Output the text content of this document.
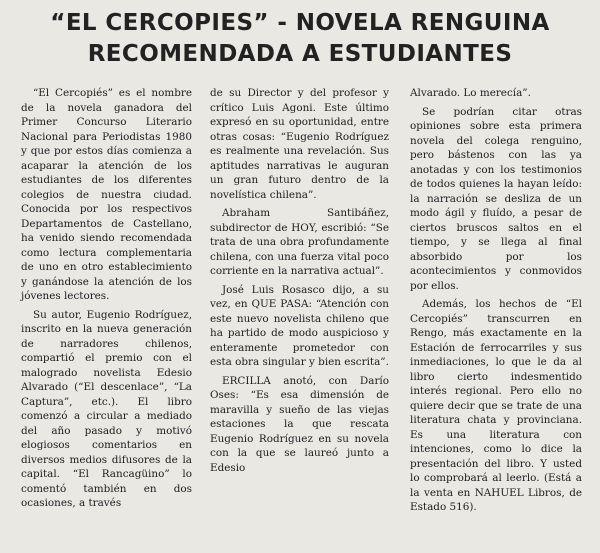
“EL CERCOPIES” - NOVELA RENGUINA
RECOMENDADA A ESTUDIANTES

“El Cercopiés” es el nombre de la novela ganadora del Primer Concurso Literario Nacional para Periodistas 1980 y que por estos días comienza a acaparar la atención de los estudiantes de los diferentes colegios de nuestra ciudad. Conocida por los respectivos Departamentos de Castellano, ha venido siendo recomendada como lectura complementaria de uno en otro establecimiento y ganándose la atención de los jóvenes lectores.

Su autor, Eugenio Rodríguez, inscrito en la nueva generación de narradores chilenos, compartió el premio con el malogrado novelista Edesio Alvarado (“El descenlace”, “La Captura”, etc.). El libro comenzó a circular a mediado del año pasado y motivó elogiosos comentarios en diversos medios difusores de la capital. “El Rancagüino” lo comentó también en dos ocasiones, a través

de su Director y del profesor y crítico Luis Agoni. Este último expresó en su oportunidad, entre otras cosas: “Eugenio Rodríguez es realmente una revelación. Sus aptitudes narrativas le auguran un gran futuro dentro de la novelística chilena”.

Abraham Santibáñez, subdirector de HOY, escribió: “Se trata de una obra profundamente chilena, con una fuerza vital poco corriente en la narrativa actual”.

José Luis Rosasco dijo, a su vez, en QUE PASA: “Atención con este nuevo novelista chileno que ha partido de modo auspicioso y enteramente prometedor con esta obra singular y bien escrita”.

ERCILLA anotó, con Darío Oses: “Es esa dimensión de maravilla y sueño de las viejas estaciones la que rescata Eugenio Rodríguez en su novela con la que se laureó junto a Edesio

Alvarado. Lo merecía”.

Se podrían citar otras opiniones sobre esta primera novela del colega renguino, pero bástenos con las ya anotadas y con los testimonios de todos quienes la hayan leído: la narración se desliza de un modo ágil y fluído, a pesar de ciertos bruscos saltos en el tiempo, y se llega al final absorbido por los acontecimientos y conmovidos por ellos.

Además, los hechos de “El Cercopiés” transcurren en Rengo, más exactamente en la Estación de ferrocarriles y sus inmediaciones, lo que le da al libro cierto indesmentido interés regional. Pero ello no quiere decir que se trate de una literatura chata y provinciana. Es una literatura con intenciones, como lo dice la presentación del libro. Y usted lo comprobará al leerlo. (Está a la venta en NAHUEL Libros, de Estado 516).
